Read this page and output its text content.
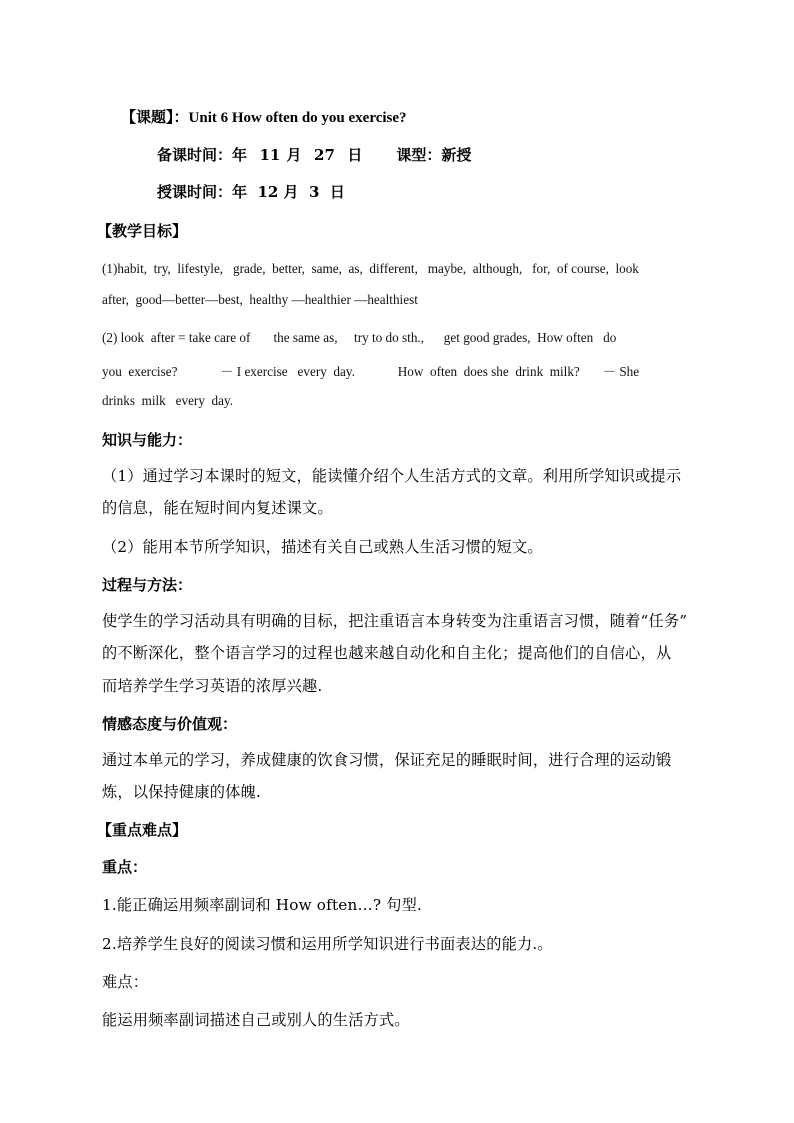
【课题】：Unit 6 How often do you exercise?
备课时间：年  11 月  27  日 课型：新授
授课时间：年  12 月  3  日
【教学目标】
(1)habit,  try,  lifestyle,   grade,  better,  same,  as,  different,   maybe,  although,   for,  of course,  look
after,  good—better—best,  healthy —healthier —healthiest
(2) look  after = take care of       the same as,     try to do sth.,      get good grades,  How often   do
you  exercise?             － I exercise   every  day.             How  often  does she  drink  milk?       － She
drinks  milk   every  day.
知识与能力：
（1）通过学习本课时的短文，能读懂介绍个人生活方式的文章。利用所学知识或提示
的信息，能在短时间内复述课文。
（2）能用本节所学知识，描述有关自己或熟人生活习惯的短文。
过程与方法：
使学生的学习活动具有明确的目标，把注重语言本身转变为注重语言习惯，随着“任务”
的不断深化，整个语言学习的过程也越来越自动化和自主化；提高他们的自信心，从
而培养学生学习英语的浓厚兴趣.
情感态度与价值观：
通过本单元的学习，养成健康的饮食习惯，保证充足的睡眠时间，进行合理的运动锻
炼，以保持健康的体魄.
【重点难点】
重点：
1.能正确运用频率副词和 How often…? 句型.
2.培养学生良好的阅读习惯和运用所学知识进行书面表达的能力.。
难点：
能运用频率副词描述自己或别人的生活方式。
